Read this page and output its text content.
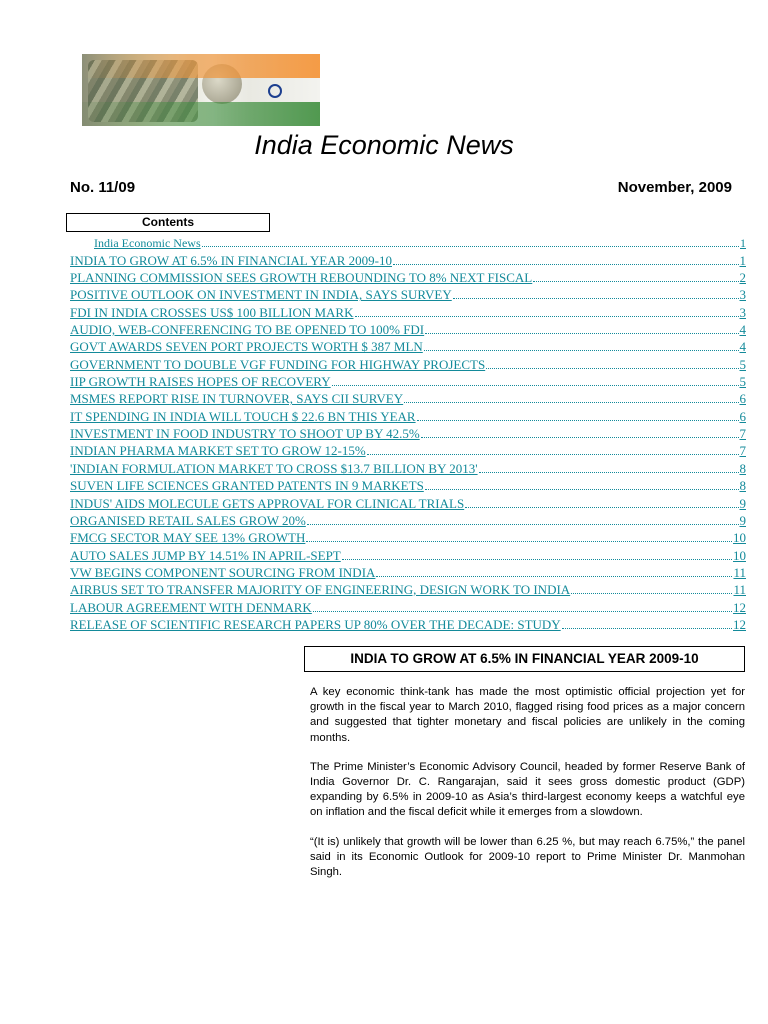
India Economic News
No. 11/09	November, 2009
Contents
India Economic News	1
INDIA TO GROW AT 6.5% IN FINANCIAL YEAR 2009-10	1
PLANNING COMMISSION SEES GROWTH REBOUNDING TO 8% NEXT FISCAL	2
POSITIVE OUTLOOK ON INVESTMENT IN INDIA, SAYS SURVEY	3
FDI IN INDIA CROSSES US$ 100 BILLION MARK	3
AUDIO, WEB-CONFERENCING TO BE OPENED TO 100% FDI	4
GOVT AWARDS SEVEN PORT PROJECTS WORTH $ 387 MLN	4
GOVERNMENT TO DOUBLE VGF FUNDING FOR HIGHWAY PROJECTS	5
IIP GROWTH RAISES HOPES OF RECOVERY	5
MSMES REPORT RISE IN TURNOVER, SAYS CII SURVEY	6
IT SPENDING IN INDIA WILL TOUCH $ 22.6 BN THIS YEAR	6
INVESTMENT IN FOOD INDUSTRY TO SHOOT UP BY 42.5%	7
INDIAN PHARMA MARKET SET TO GROW 12-15%	7
'INDIAN FORMULATION MARKET TO CROSS $13.7 BILLION BY 2013'	8
SUVEN LIFE SCIENCES GRANTED PATENTS IN 9 MARKETS	8
INDUS' AIDS MOLECULE GETS APPROVAL FOR CLINICAL TRIALS	9
ORGANISED RETAIL SALES GROW 20%	9
FMCG SECTOR MAY SEE 13% GROWTH	10
AUTO SALES JUMP BY 14.51% IN APRIL-SEPT	10
VW BEGINS COMPONENT SOURCING FROM INDIA	11
AIRBUS SET TO TRANSFER MAJORITY OF ENGINEERING, DESIGN WORK TO INDIA	11
LABOUR AGREEMENT WITH DENMARK	12
RELEASE OF SCIENTIFIC RESEARCH PAPERS UP 80% OVER THE DECADE: STUDY	12
INDIA TO GROW AT 6.5% IN FINANCIAL YEAR 2009-10

A key economic think-tank has made the most optimistic official projection yet for growth in the fiscal year to March 2010, flagged rising food prices as a major concern and suggested that tighter monetary and fiscal policies are unlikely in the coming months.

The Prime Minister’s Economic Advisory Council, headed by former Reserve Bank of India Governor Dr. C. Rangarajan, said it sees gross domestic product (GDP) expanding by 6.5% in 2009-10 as Asia’s third-largest economy keeps a watchful eye on inflation and the fiscal deficit while it emerges from a slowdown.

“(It is) unlikely that growth will be lower than 6.25 %, but may reach 6.75%,” the panel said in its Economic Outlook for 2009-10 report to Prime Minister Dr. Manmohan Singh.
